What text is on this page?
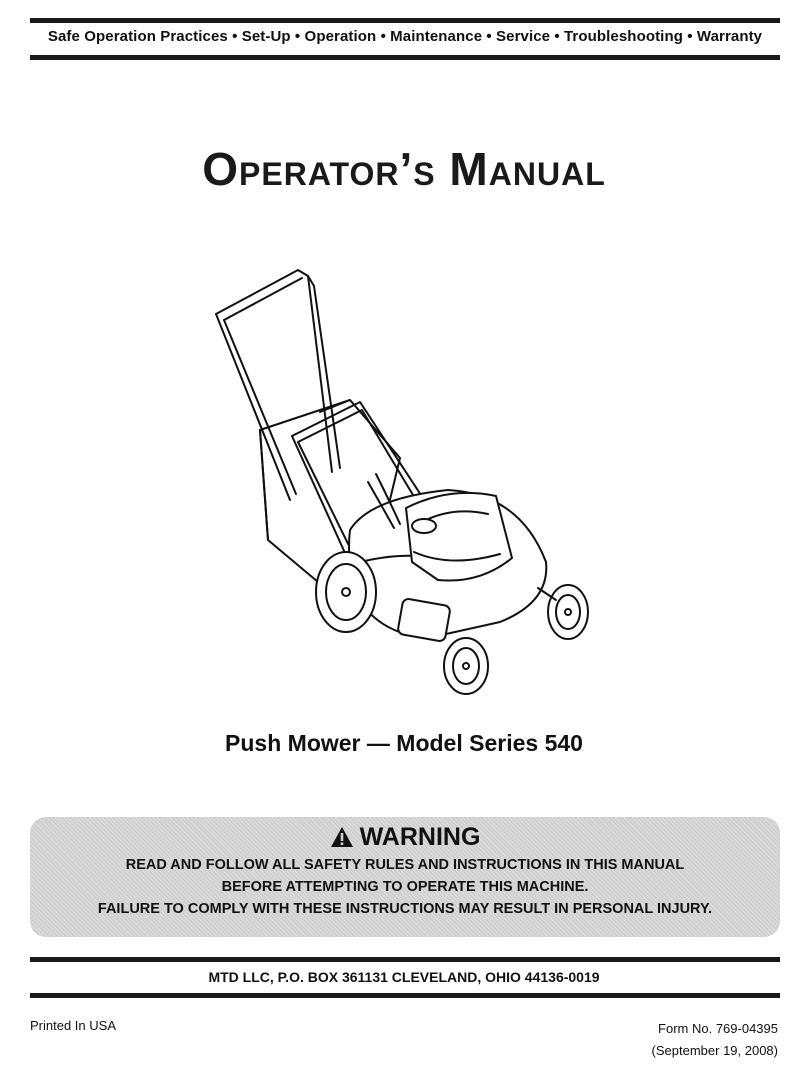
Safe Operation Practices • Set-Up • Operation • Maintenance • Service • Troubleshooting • Warranty
Operator’s Manual
Push Mower — Model Series 540
WARNING
READ AND FOLLOW ALL SAFETY RULES AND INSTRUCTIONS IN THIS MANUAL
BEFORE ATTEMPTING TO OPERATE THIS MACHINE.
FAILURE TO COMPLY WITH THESE INSTRUCTIONS MAY RESULT IN PERSONAL INJURY.
MTD LLC, P.O. BOX 361131 CLEVELAND, OHIO 44136-0019
Printed In USA	Form No. 769-04395
(September 19, 2008)
